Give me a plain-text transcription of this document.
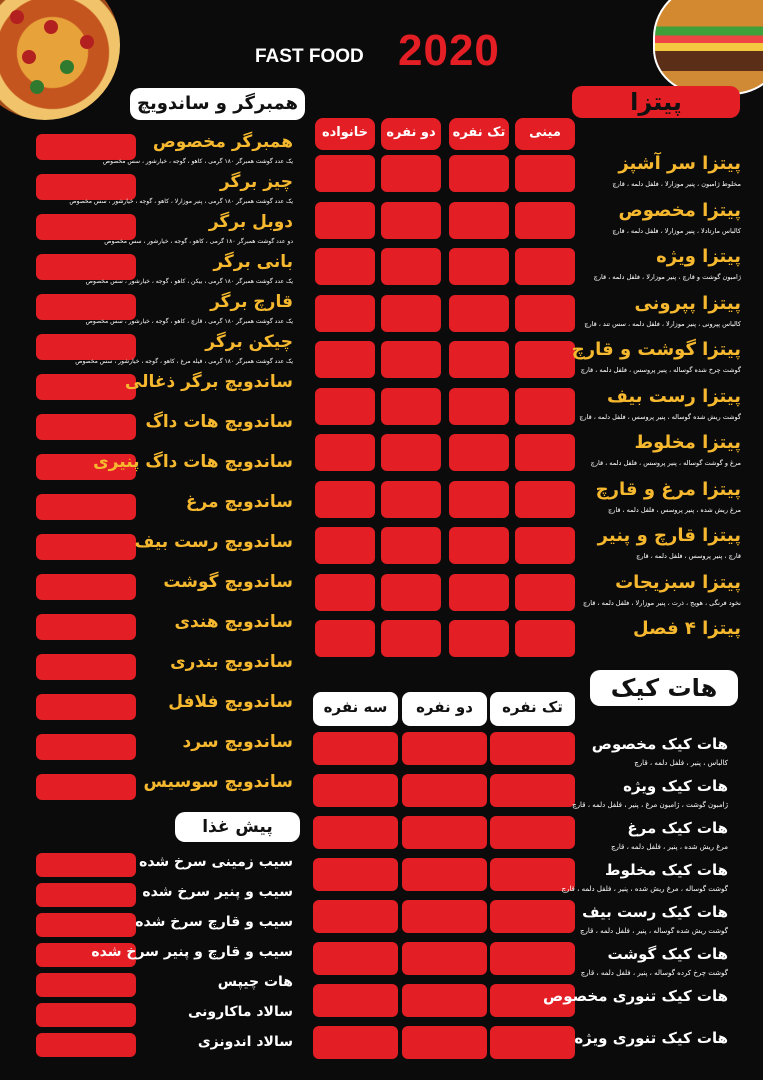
FAST FOOD 2020
پیتزا
مینی
تک نفره
دو نفره
خانواده
پیتزا سر آشپز
مخلوط ژامبون ، پنیر موزارلا ، فلفل دلمه ، قارچ
پیتزا مخصوص
کالباس مارتادلا ، پنیر موزارلا ، فلفل دلمه ، قارچ
پیتزا ویژه
ژامبون گوشت و قارچ ، پنیر موزارلا ، فلفل دلمه ، قارچ
پیتزا پپرونی
کالباس پپرونی ، پنیر موزارلا ، فلفل دلمه ، سس تند ، قارچ
پیتزا گوشت و قارچ
گوشت چرخ شده گوساله ، پنیر پروسس ، فلفل دلمه ، قارچ
پیتزا رست بیف
گوشت ریش شده گوساله ، پنیر پروسس ، فلفل دلمه ، قارچ
پیتزا مخلوط
مرغ و گوشت گوساله ، پنیر پروسس ، فلفل دلمه ، قارچ
پیتزا مرغ و قارچ
مرغ ریش شده ، پنیر پروسس ، فلفل دلمه ، قارچ
پیتزا قارچ و پنیر
قارچ ، پنیر پروسس ، فلفل دلمه ، قارچ
پیتزا سبزیجات
نخود فرنگی ، هویج ، ذرت ، پنیر موزارلا ، فلفل دلمه ، قارچ
پیتزا ۴ فصل
همبرگر و ساندویچ
همبرگر مخصوص
یک عدد گوشت همبرگر ۱۸۰ گرمی ، کاهو ، گوجه ، خیارشور ، سس مخصوص
چیز برگر
یک عدد گوشت همبرگر ۱۸۰ گرمی ، پنیر موزارلا ، کاهو ، گوجه ، خیارشور ، سس مخصوص
دوبل برگر
دو عدد گوشت همبرگر ۱۸۰ گرمی ، کاهو ، گوجه ، خیارشور ، سس مخصوص
بانی برگر
یک عدد گوشت همبرگر ۱۸۰ گرمی ، بیکن ، کاهو ، گوجه ، خیارشور ، سس مخصوص
قارچ برگر
یک عدد گوشت همبرگر ۱۸۰ گرمی ، قارچ ، کاهو ، گوجه ، خیارشور ، سس مخصوص
چیکن برگر
یک عدد گوشت همبرگر ۱۸۰ گرمی ، فیله مرغ ، کاهو ، گوجه ، خیارشور ، سس مخصوص
ساندویچ برگر ذغالی
ساندویچ هات داگ
ساندویچ هات داگ پنیری
ساندویچ مرغ
ساندویچ رست بیف
ساندویچ گوشت
ساندویچ هندی
ساندویچ بندری
ساندویچ فلافل
ساندویچ سرد
ساندویچ سوسیس
هات کیک
تک نفره
دو نفره
سه نفره
هات کیک مخصوص
کالباس ، پنیر ، فلفل دلمه ، قارچ
هات کیک ویژه
ژامبون گوشت ، ژامبون مرغ ، پنیر ، فلفل دلمه ، قارچ
هات کیک مرغ
مرغ ریش شده ، پنیر ، فلفل دلمه ، قارچ
هات کیک مخلوط
گوشت گوساله ، مرغ ریش شده ، پنیر ، فلفل دلمه ، قارچ
هات کیک رست بیف
گوشت ریش شده گوساله ، پنیر ، فلفل دلمه ، قارچ
هات کیک گوشت
گوشت چرخ کرده گوساله ، پنیر ، فلفل دلمه ، قارچ
هات کیک تنوری مخصوص
هات کیک تنوری ویژه
پیش غذا
سیب زمینی سرخ شده
سیب و پنیر سرخ شده
سیب و قارچ سرخ شده
سیب و قارچ و پنیر سرخ شده
هات چیپس
سالاد ماکارونی
سالاد اندونزی
